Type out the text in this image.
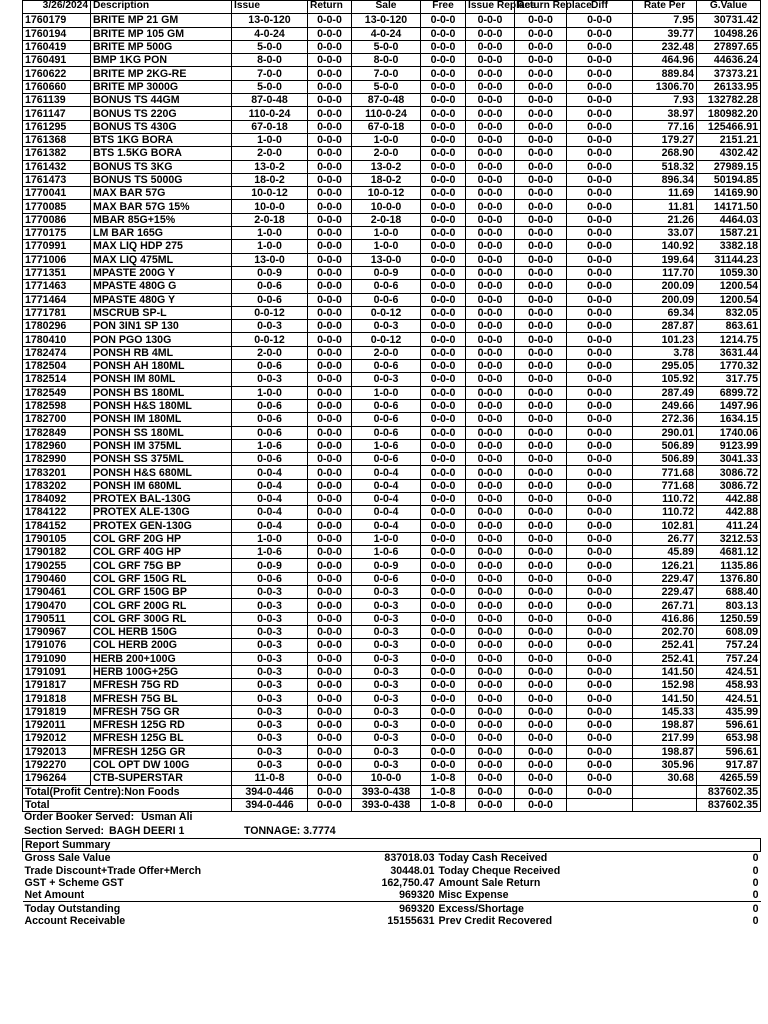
3/26/2024	Description	Issue	Return	Sale	Free	Issue Replace	Return Replace	Diff	Rate Per	G.Value
1760179	BRITE MP 21 GM	13-0-120	0-0-0	13-0-120	0-0-0	0-0-0	0-0-0	0-0-0	7.95	30731.42
1760194	BRITE MP 105 GM	4-0-24	0-0-0	4-0-24	0-0-0	0-0-0	0-0-0	0-0-0	39.77	10498.26
1760419	BRITE MP 500G	5-0-0	0-0-0	5-0-0	0-0-0	0-0-0	0-0-0	0-0-0	232.48	27897.65
1760491	BMP 1KG PON	8-0-0	0-0-0	8-0-0	0-0-0	0-0-0	0-0-0	0-0-0	464.96	44636.24
1760622	BRITE MP 2KG-RE	7-0-0	0-0-0	7-0-0	0-0-0	0-0-0	0-0-0	0-0-0	889.84	37373.21
1760660	BRITE MP 3000G	5-0-0	0-0-0	5-0-0	0-0-0	0-0-0	0-0-0	0-0-0	1306.70	26133.95
1761139	BONUS TS 44GM	87-0-48	0-0-0	87-0-48	0-0-0	0-0-0	0-0-0	0-0-0	7.93	132782.28
1761147	BONUS TS 220G	110-0-24	0-0-0	110-0-24	0-0-0	0-0-0	0-0-0	0-0-0	38.97	180982.20
1761295	BONUS TS 430G	67-0-18	0-0-0	67-0-18	0-0-0	0-0-0	0-0-0	0-0-0	77.16	125466.91
1761368	BTS 1KG BORA	1-0-0	0-0-0	1-0-0	0-0-0	0-0-0	0-0-0	0-0-0	179.27	2151.21
1761382	BTS 1.5KG BORA	2-0-0	0-0-0	2-0-0	0-0-0	0-0-0	0-0-0	0-0-0	268.90	4302.42
1761432	BONUS TS 3KG	13-0-2	0-0-0	13-0-2	0-0-0	0-0-0	0-0-0	0-0-0	518.32	27989.15
1761473	BONUS TS 5000G	18-0-2	0-0-0	18-0-2	0-0-0	0-0-0	0-0-0	0-0-0	896.34	50194.85
1770041	MAX BAR 57G	10-0-12	0-0-0	10-0-12	0-0-0	0-0-0	0-0-0	0-0-0	11.69	14169.90
1770085	MAX BAR 57G 15%	10-0-0	0-0-0	10-0-0	0-0-0	0-0-0	0-0-0	0-0-0	11.81	14171.50
1770086	MBAR 85G+15%	2-0-18	0-0-0	2-0-18	0-0-0	0-0-0	0-0-0	0-0-0	21.26	4464.03
1770175	LM BAR 165G	1-0-0	0-0-0	1-0-0	0-0-0	0-0-0	0-0-0	0-0-0	33.07	1587.21
1770991	MAX LIQ HDP 275	1-0-0	0-0-0	1-0-0	0-0-0	0-0-0	0-0-0	0-0-0	140.92	3382.18
1771006	MAX LIQ 475ML	13-0-0	0-0-0	13-0-0	0-0-0	0-0-0	0-0-0	0-0-0	199.64	31144.23
1771351	MPASTE 200G Y	0-0-9	0-0-0	0-0-9	0-0-0	0-0-0	0-0-0	0-0-0	117.70	1059.30
1771463	MPASTE 480G G	0-0-6	0-0-0	0-0-6	0-0-0	0-0-0	0-0-0	0-0-0	200.09	1200.54
1771464	MPASTE 480G Y	0-0-6	0-0-0	0-0-6	0-0-0	0-0-0	0-0-0	0-0-0	200.09	1200.54
1771781	MSCRUB SP-L	0-0-12	0-0-0	0-0-12	0-0-0	0-0-0	0-0-0	0-0-0	69.34	832.05
1780296	PON 3IN1 SP 130	0-0-3	0-0-0	0-0-3	0-0-0	0-0-0	0-0-0	0-0-0	287.87	863.61
1780410	PON PGO 130G	0-0-12	0-0-0	0-0-12	0-0-0	0-0-0	0-0-0	0-0-0	101.23	1214.75
1782474	PONSH RB 4ML	2-0-0	0-0-0	2-0-0	0-0-0	0-0-0	0-0-0	0-0-0	3.78	3631.44
1782504	PONSH AH 180ML	0-0-6	0-0-0	0-0-6	0-0-0	0-0-0	0-0-0	0-0-0	295.05	1770.32
1782514	PONSH IM 80ML	0-0-3	0-0-0	0-0-3	0-0-0	0-0-0	0-0-0	0-0-0	105.92	317.75
1782549	PONSH BS 180ML	1-0-0	0-0-0	1-0-0	0-0-0	0-0-0	0-0-0	0-0-0	287.49	6899.72
1782598	PONSH H&S 180ML	0-0-6	0-0-0	0-0-6	0-0-0	0-0-0	0-0-0	0-0-0	249.66	1497.96
1782700	PONSH IM 180ML	0-0-6	0-0-0	0-0-6	0-0-0	0-0-0	0-0-0	0-0-0	272.36	1634.15
1782849	PONSH SS 180ML	0-0-6	0-0-0	0-0-6	0-0-0	0-0-0	0-0-0	0-0-0	290.01	1740.06
1782960	PONSH IM 375ML	1-0-6	0-0-0	1-0-6	0-0-0	0-0-0	0-0-0	0-0-0	506.89	9123.99
1782990	PONSH SS 375ML	0-0-6	0-0-0	0-0-6	0-0-0	0-0-0	0-0-0	0-0-0	506.89	3041.33
1783201	PONSH H&S 680ML	0-0-4	0-0-0	0-0-4	0-0-0	0-0-0	0-0-0	0-0-0	771.68	3086.72
1783202	PONSH IM 680ML	0-0-4	0-0-0	0-0-4	0-0-0	0-0-0	0-0-0	0-0-0	771.68	3086.72
1784092	PROTEX BAL-130G	0-0-4	0-0-0	0-0-4	0-0-0	0-0-0	0-0-0	0-0-0	110.72	442.88
1784122	PROTEX ALE-130G	0-0-4	0-0-0	0-0-4	0-0-0	0-0-0	0-0-0	0-0-0	110.72	442.88
1784152	PROTEX GEN-130G	0-0-4	0-0-0	0-0-4	0-0-0	0-0-0	0-0-0	0-0-0	102.81	411.24
1790105	COL GRF 20G HP	1-0-0	0-0-0	1-0-0	0-0-0	0-0-0	0-0-0	0-0-0	26.77	3212.53
1790182	COL GRF 40G HP	1-0-6	0-0-0	1-0-6	0-0-0	0-0-0	0-0-0	0-0-0	45.89	4681.12
1790255	COL GRF 75G BP	0-0-9	0-0-0	0-0-9	0-0-0	0-0-0	0-0-0	0-0-0	126.21	1135.86
1790460	COL GRF 150G RL	0-0-6	0-0-0	0-0-6	0-0-0	0-0-0	0-0-0	0-0-0	229.47	1376.80
1790461	COL GRF 150G BP	0-0-3	0-0-0	0-0-3	0-0-0	0-0-0	0-0-0	0-0-0	229.47	688.40
1790470	COL GRF 200G RL	0-0-3	0-0-0	0-0-3	0-0-0	0-0-0	0-0-0	0-0-0	267.71	803.13
1790511	COL GRF 300G RL	0-0-3	0-0-0	0-0-3	0-0-0	0-0-0	0-0-0	0-0-0	416.86	1250.59
1790967	COL HERB 150G	0-0-3	0-0-0	0-0-3	0-0-0	0-0-0	0-0-0	0-0-0	202.70	608.09
1791076	COL HERB 200G	0-0-3	0-0-0	0-0-3	0-0-0	0-0-0	0-0-0	0-0-0	252.41	757.24
1791090	HERB 200+100G	0-0-3	0-0-0	0-0-3	0-0-0	0-0-0	0-0-0	0-0-0	252.41	757.24
1791091	HERB 100G+25G	0-0-3	0-0-0	0-0-3	0-0-0	0-0-0	0-0-0	0-0-0	141.50	424.51
1791817	MFRESH 75G RD	0-0-3	0-0-0	0-0-3	0-0-0	0-0-0	0-0-0	0-0-0	152.98	458.93
1791818	MFRESH 75G BL	0-0-3	0-0-0	0-0-3	0-0-0	0-0-0	0-0-0	0-0-0	141.50	424.51
1791819	MFRESH 75G GR	0-0-3	0-0-0	0-0-3	0-0-0	0-0-0	0-0-0	0-0-0	145.33	435.99
1792011	MFRESH 125G RD	0-0-3	0-0-0	0-0-3	0-0-0	0-0-0	0-0-0	0-0-0	198.87	596.61
1792012	MFRESH 125G BL	0-0-3	0-0-0	0-0-3	0-0-0	0-0-0	0-0-0	0-0-0	217.99	653.98
1792013	MFRESH 125G GR	0-0-3	0-0-0	0-0-3	0-0-0	0-0-0	0-0-0	0-0-0	198.87	596.61
1792270	COL OPT DW 100G	0-0-3	0-0-0	0-0-3	0-0-0	0-0-0	0-0-0	0-0-0	305.96	917.87
1796264	CTB-SUPERSTAR	11-0-8	0-0-0	10-0-0	1-0-8	0-0-0	0-0-0	0-0-0	30.68	4265.59
Total(Profit Centre):Non Foods		394-0-446	0-0-0	393-0-438	1-0-8	0-0-0	0-0-0	0-0-0		837602.35
Total		394-0-446	0-0-0	393-0-438	1-0-8	0-0-0	0-0-0			837602.35
Order Booker Served: Usman Ali
Section Served: BAGH DEERI 1	TONNAGE: 3.7774
Report Summary			
Gross Sale Value	837018.03	Today Cash Received	0
Trade Discount+Trade Offer+Merch	30448.01	Today Cheque Received	0
GST + Scheme GST	162,750.47	Amount Sale Return	0
Net Amount	969320	Misc Expense	0
Today Outstanding	969320	Excess/Shortage	0
Account Receivable	15155631	Prev Credit Recovered	0
